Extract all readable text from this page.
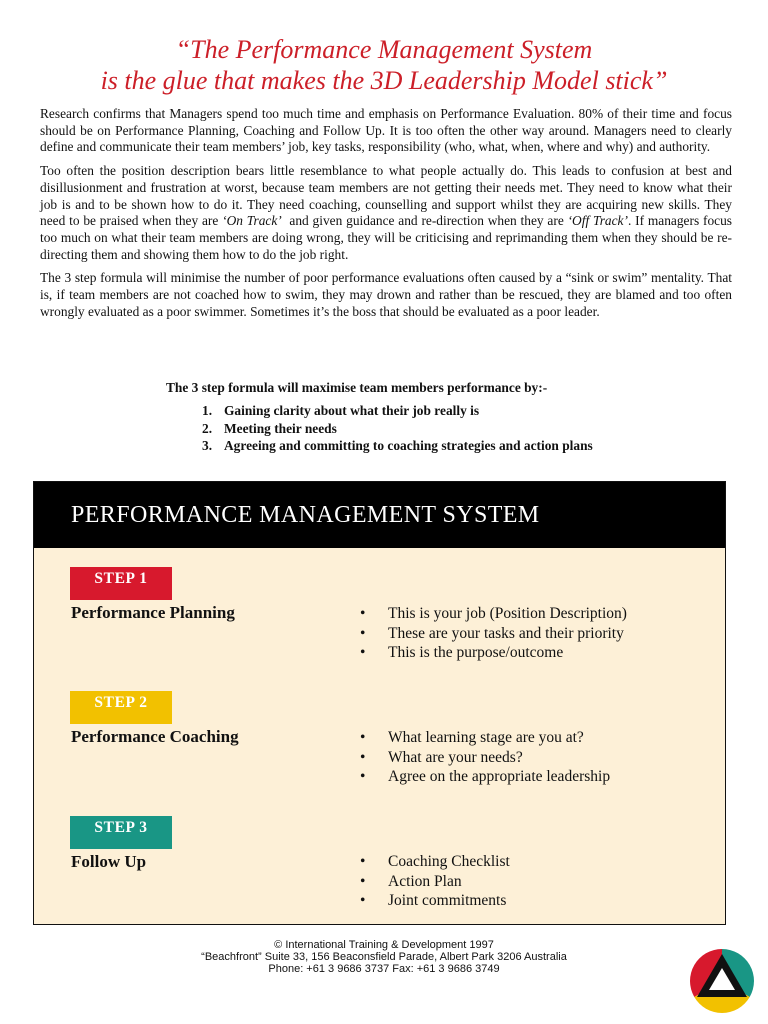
“The Performance Management System
is the glue that makes the 3D Leadership Model stick”

Research confirms that Managers spend too much time and emphasis on Performance Evaluation. 80% of their time and focus should be on Performance Planning, Coaching and Follow Up. It is too often the other way around. Managers need to clearly define and communicate their team members’ job, key tasks, responsibility (who, what, when, where and why) and authority.

Too often the position description bears little resemblance to what people actually do. This leads to confusion at best and disillusionment and frustration at worst, because team members are not getting their needs met. They need to know what their job is and to be shown how to do it. They need coaching, counselling and support whilst they are acquiring new skills. They need to be praised when they are ‘On Track’  and given guidance and re-direction when they are ‘Off Track’. If managers focus too much on what their team members are doing wrong, they will be criticising and reprimanding them when they should be re-directing them and showing them how to do the job right.

The 3 step formula will minimise the number of poor performance evaluations often caused by a “sink or swim” mentality. That is, if team members are not coached how to swim, they may drown and rather than be rescued, they are blamed and too often wrongly evaluated as a poor swimmer. Sometimes it’s the boss that should be evaluated as a poor leader.

The 3 step formula will maximise team members performance by:-

1. Gaining clarity about what their job really is
2. Meeting their needs
3. Agreeing and committing to coaching strategies and action plans
PERFORMANCE MANAGEMENT SYSTEM
STEP 1
Performance Planning	•	This is your job (Position Description)
•	These are your tasks and their priority
•	This is the purpose/outcome
STEP 2
Performance Coaching	•	What learning stage are you at?
•	What are your needs?
•	Agree on the appropriate leadership
STEP 3
Follow Up	•	Coaching Checklist
•	Action Plan
•	Joint commitments
© International Training & Development 1997
“Beachfront” Suite 33, 156 Beaconsfield Parade, Albert Park 3206 Australia
Phone: +61 3 9686 3737 Fax: +61 3 9686 3749
